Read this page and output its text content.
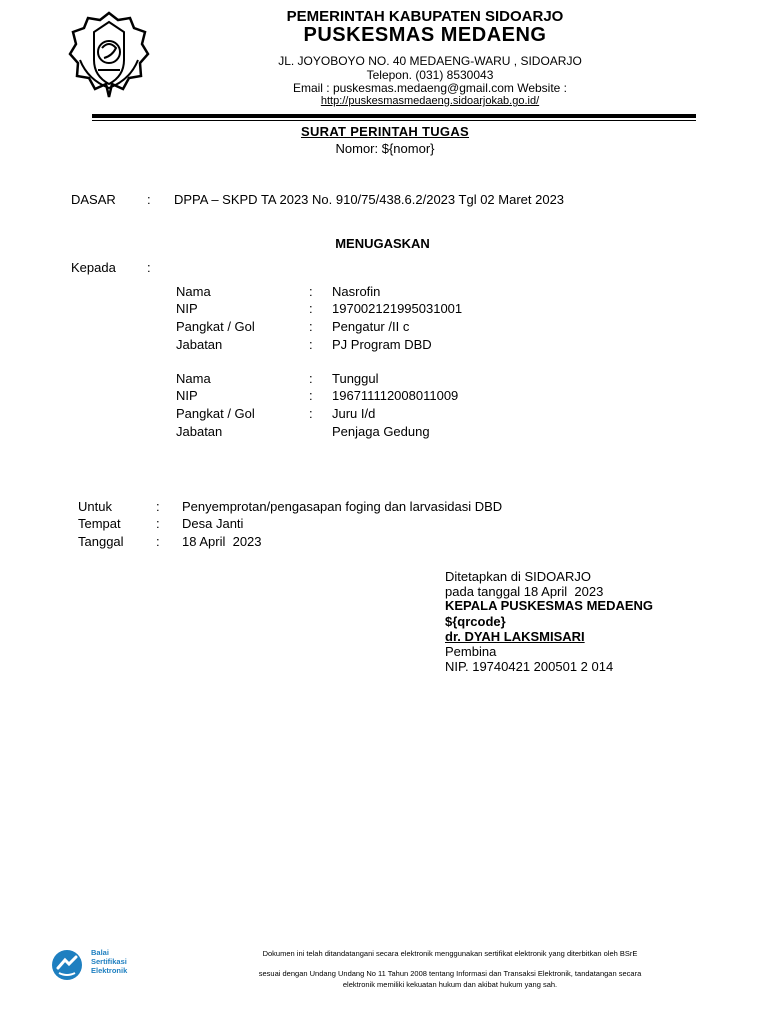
PEMERINTAH KABUPATEN SIDOARJO
PUSKESMAS MEDAENG
JL. JOYOBOYO NO. 40 MEDAENG-WARU , SIDOARJO
Telepon. (031) 8530043
Email : puskesmas.medaeng@gmail.com Website :
http://puskesmasmedaeng.sidoarjokab.go.id/
SURAT PERINTAH TUGAS
Nomor: ${nomor}
DASAR : DPPA – SKPD TA 2023 No. 910/75/438.6.2/2023 Tgl 02 Maret 2023
MENUGASKAN
Kepada :
Nama	: Nasrofin
NIP	: 197002121995031001
Pangkat / Gol	: Pengatur /II c
Jabatan	: PJ Program DBD
Nama	: Tunggul
NIP	: 196711112008011009
Pangkat / Gol	: Juru I/d
Jabatan	Penjaga Gedung
Untuk	: Penyemprotan/pengasapan foging dan larvasidasi DBD
Tempat	: Desa Janti
Tanggal : 18 April  2023
Ditetapkan di SIDOARJO
pada tanggal 18 April  2023
KEPALA PUSKESMAS MEDAENG
${qrcode}
dr. DYAH LAKSMISARI
Pembina
NIP. 19740421 200501 2 014
Balai
Sertifikasi
Elektronik
Dokumen ini telah ditandatangani secara elektronik menggunakan sertifikat elektronik yang diterbitkan oleh BSrE
sesuai dengan Undang Undang No 11 Tahun 2008 tentang Informasi dan Transaksi Elektronik, tandatangan secara
elektronik memiliki kekuatan hukum dan akibat hukum yang sah.
